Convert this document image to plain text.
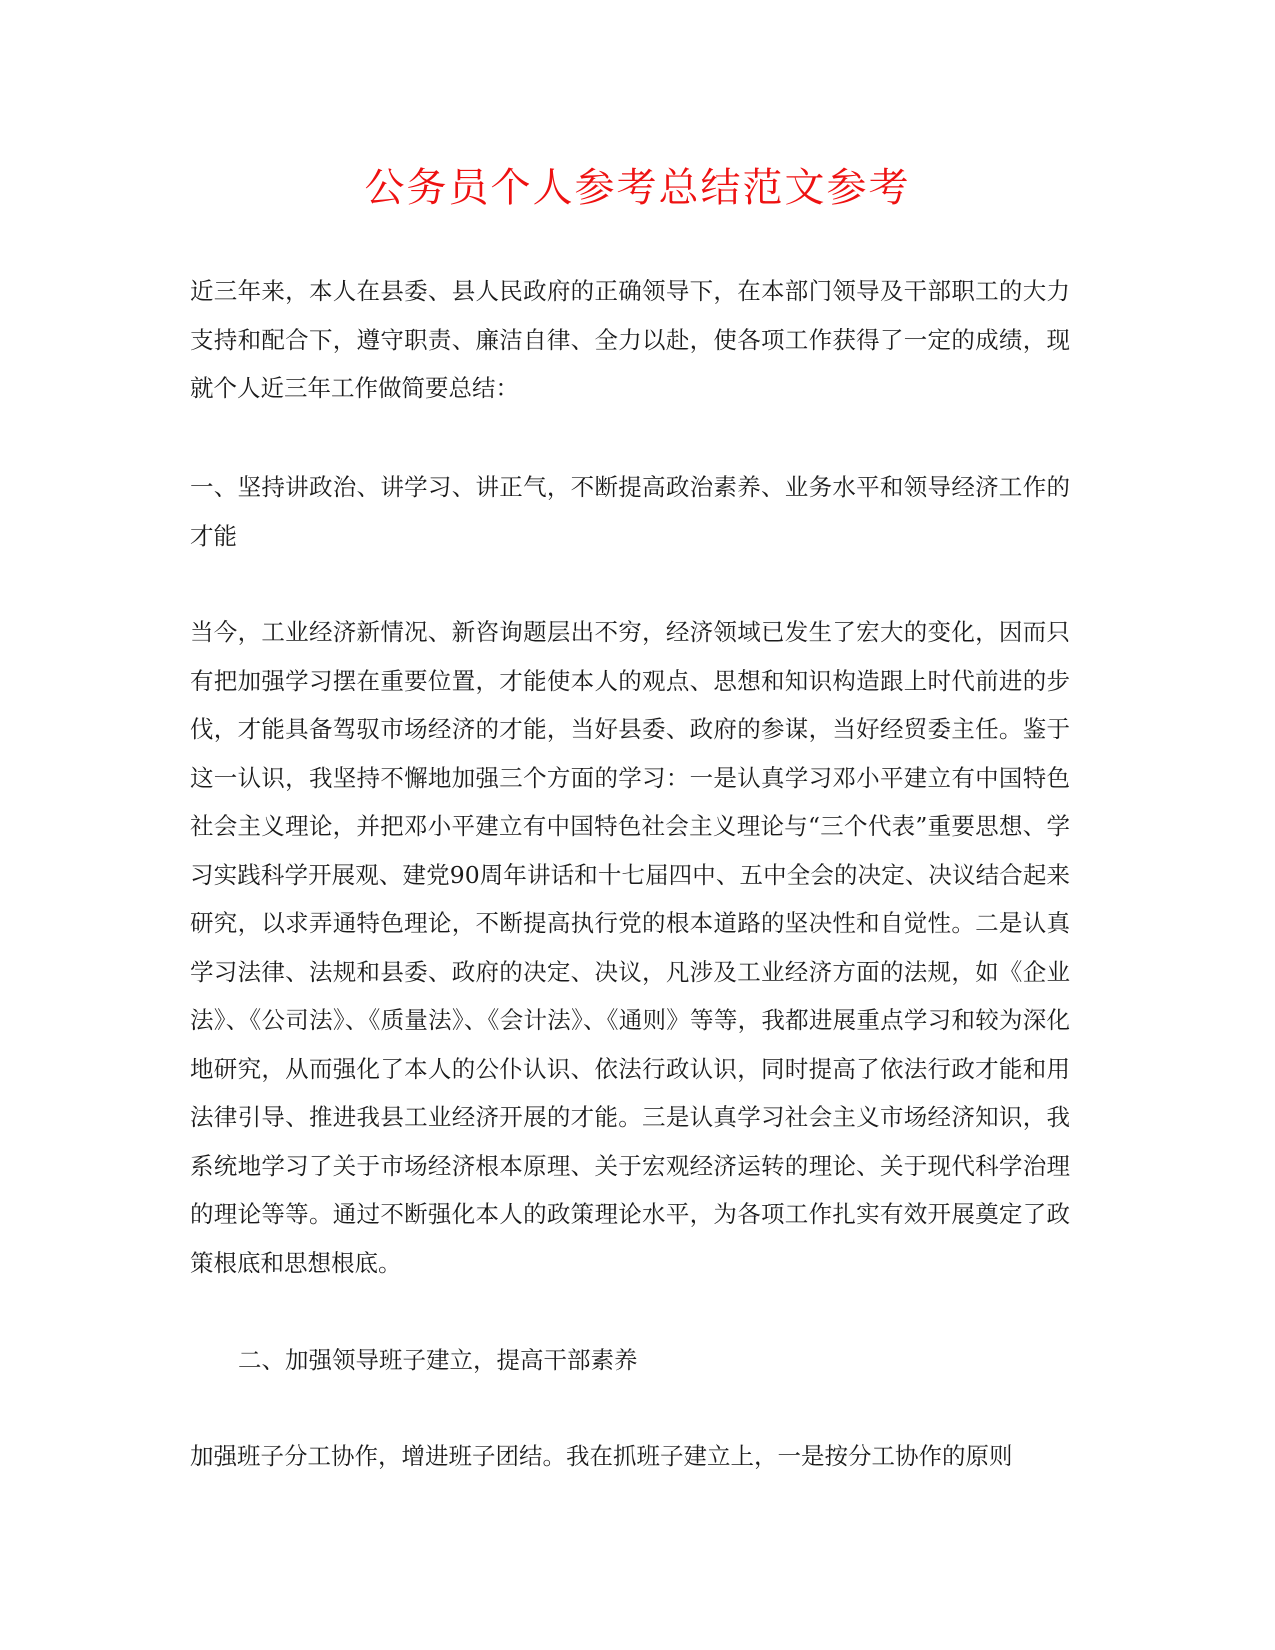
公务员个人参考总结范文参考

近三年来，本人在县委、县人民政府的正确领导下，在本部门领导及干部职工的大力支持和配合下，遵守职责、廉洁自律、全力以赴，使各项工作获得了一定的成绩，现就个人近三年工作做简要总结：

一、坚持讲政治、讲学习、讲正气，不断提高政治素养、业务水平和领导经济工作的才能

当今，工业经济新情况、新咨询题层出不穷，经济领域已发生了宏大的变化，因而只有把加强学习摆在重要位置，才能使本人的观点、思想和知识构造跟上时代前进的步伐，才能具备驾驭市场经济的才能，当好县委、政府的参谋，当好经贸委主任。鉴于这一认识，我坚持不懈地加强三个方面的学习：一是认真学习邓小平建立有中国特色社会主义理论，并把邓小平建立有中国特色社会主义理论与“三个代表”重要思想、学习实践科学开展观、建党90周年讲话和十七届四中、五中全会的决定、决议结合起来研究，以求弄通特色理论，不断提高执行党的根本道路的坚决性和自觉性。二是认真学习法律、法规和县委、政府的决定、决议，凡涉及工业经济方面的法规，如《企业法》、《公司法》、《质量法》、《会计法》、《通则》等等，我都进展重点学习和较为深化地研究，从而强化了本人的公仆认识、依法行政认识，同时提高了依法行政才能和用法律引导、推进我县工业经济开展的才能。三是认真学习社会主义市场经济知识，我系统地学习了关于市场经济根本原理、关于宏观经济运转的理论、关于现代科学治理的理论等等。通过不断强化本人的政策理论水平，为各项工作扎实有效开展奠定了政策根底和思想根底。

二、加强领导班子建立，提高干部素养

加强班子分工协作，增进班子团结。我在抓班子建立上，一是按分工协作的原则
